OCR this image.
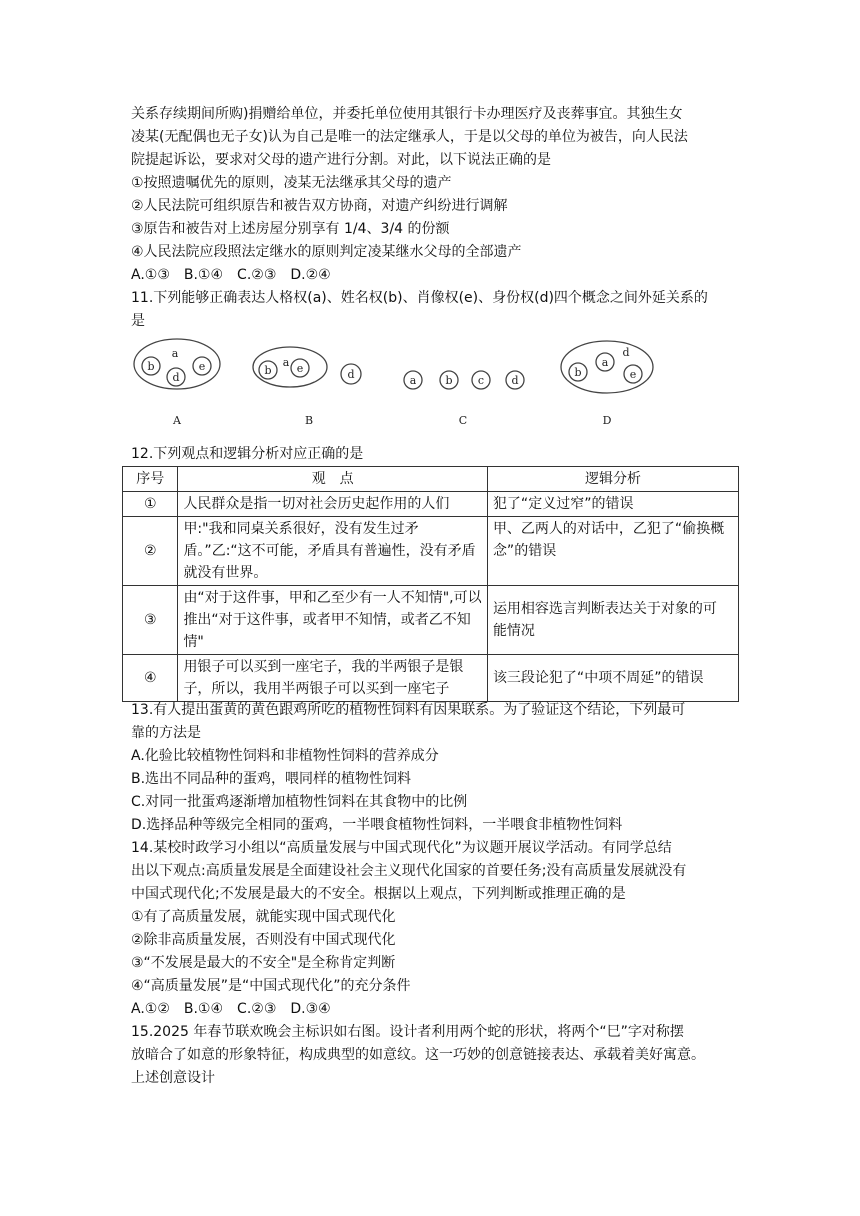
关系存续期间所购)捐赠给单位，并委托单位使用其银行卡办理医疗及丧葬事宜。其独生女
凌某(无配偶也无子女)认为自己是唯一的法定继承人，于是以父母的单位为被告，向人民法
院提起诉讼，要求对父母的遗产进行分割。对此，以下说法正确的是
①按照遗嘱优先的原则，凌某无法继承其父母的遗产
②人民法院可组织原告和被告双方协商，对遗产纠纷进行调解
③原告和被告对上述房屋分别享有 1/4、3/4 的份额
④人民法院应段照法定继水的原则判定凌某继水父母的全部遗产
A.①③　B.①④　C.②③　D.②④
11.下列能够正确表达人格权(a)、姓名权(b)、肖像权(e)、身份权(d)四个概念之间外延关系的
是
a
b
d
e	a
b e	d	a	b c d
b
a
d
e
A	B	C	D
12.下列观点和逻辑分析对应正确的是
序号	观　点	逻辑分析
①	人民群众是指一切对社会历史起作用的人们	犯了“定义过窄”的错误
②	甲:"我和同桌关系很好，没有发生过矛盾。”乙:“这不可能，矛盾具有普遍性，没有矛盾就没有世界。	甲、乙两人的对话中，乙犯了“偷换概念”的错误
③	由“对于这件事，甲和乙至少有一人不知情",可以推出“对于这件事，或者甲不知情，或者乙不知情"	运用相容选言判断表达关于对象的可
能情况
④	用银子可以买到一座宅子，我的半两银子是银子，所以，我用半两银子可以买到一座宅子	该三段论犯了“中项不周延”的错误
13.有人提出蛋黄的黄色跟鸡所吃的植物性饲料有因果联系。为了验证这个结论，下列最可
靠的方法是
A.化验比较植物性饲料和非植物性饲料的营养成分
B.选出不同品种的蛋鸡，喂同样的植物性饲料
C.对同一批蛋鸡逐渐增加植物性饲料在其食物中的比例
D.选择品种等级完全相同的蛋鸡，一半喂食植物性饲料，一半喂食非植物性饲料
14.某校时政学习小组以“高质量发展与中国式现代化”为议题开展议学活动。有同学总结
出以下观点:高质量发展是全面建设社会主义现代化国家的首要任务;没有高质量发展就没有
中国式现代化;不发展是最大的不安全。根据以上观点，下列判断或推理正确的是
①有了高质量发展，就能实现中国式现代化
②除非高质量发展，否则没有中国式现代化
③“不发展是最大的不安全"是全称肯定判断
④“高质量发展”是“中国式现代化”的充分条件
A.①②　B.①④　C.②③　D.③④
15.2025 年春节联欢晚会主标识如右图。设计者利用两个蛇的形状，将两个“巳”字对称摆
放暗合了如意的形象特征，构成典型的如意纹。这一巧妙的创意链接表达、承载着美好寓意。
上述创意设计
